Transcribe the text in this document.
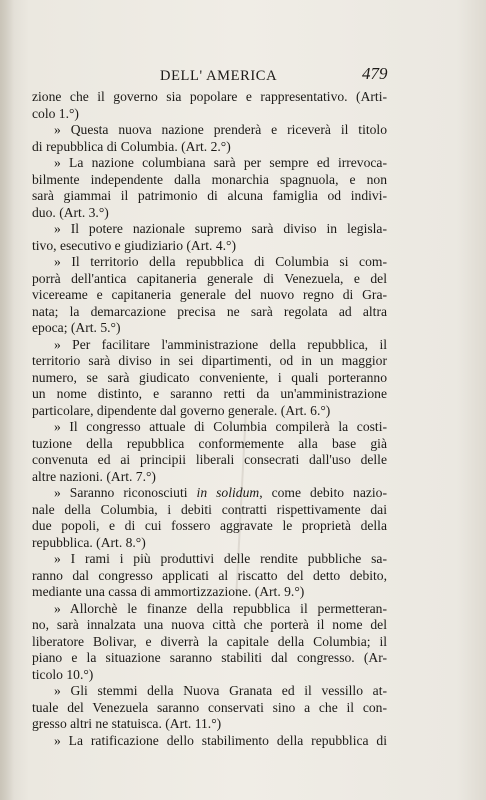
DELL' AMERICA	479
zione che il governo sia popolare e rappresentativo. (Arti-
colo 1.°)
» Questa nuova nazione prenderà e riceverà il titolo
di repubblica di Columbia. (Art. 2.°)
» La nazione columbiana sarà per sempre ed irrevoca-
bilmente independente dalla monarchia spagnuola, e non
sarà giammai il patrimonio di alcuna famiglia od indivi-
duo. (Art. 3.°)
» Il potere nazionale supremo sarà diviso in legisla-
tivo, esecutivo e giudiziario (Art. 4.°)
» Il territorio della repubblica di Columbia si com-
porrà dell'antica capitaneria generale di Venezuela, e del
vicereame e capitaneria generale del nuovo regno di Gra-
nata; la demarcazione precisa ne sarà regolata ad altra
epoca; (Art. 5.°)
» Per facilitare l'amministrazione della repubblica, il
territorio sarà diviso in sei dipartimenti, od in un maggior
numero, se sarà giudicato conveniente, i quali porteranno
un nome distinto, e saranno retti da un'amministrazione
particolare, dipendente dal governo generale. (Art. 6.°)
» Il congresso attuale di Columbia compilerà la costi-
tuzione della repubblica conformemente alla base già
convenuta ed ai principii liberali consecrati dall'uso delle
altre nazioni. (Art. 7.°)
» Saranno riconosciuti in solidum, come debito nazio-
nale della Columbia, i debiti contratti rispettivamente dai
due popoli, e di cui fossero aggravate le proprietà della
repubblica. (Art. 8.°)
» I rami i più produttivi delle rendite pubbliche sa-
ranno dal congresso applicati al riscatto del detto debito,
mediante una cassa di ammortizzazione. (Art. 9.°)
» Allorchè le finanze della repubblica il permetteran-
no, sarà innalzata una nuova città che porterà il nome del
liberatore Bolivar, e diverrà la capitale della Columbia; il
piano e la situazione saranno stabiliti dal congresso. (Ar-
ticolo 10.°)
» Gli stemmi della Nuova Granata ed il vessillo at-
tuale del Venezuela saranno conservati sino a che il con-
gresso altri ne statuisca. (Art. 11.°)
» La ratificazione dello stabilimento della repubblica di
